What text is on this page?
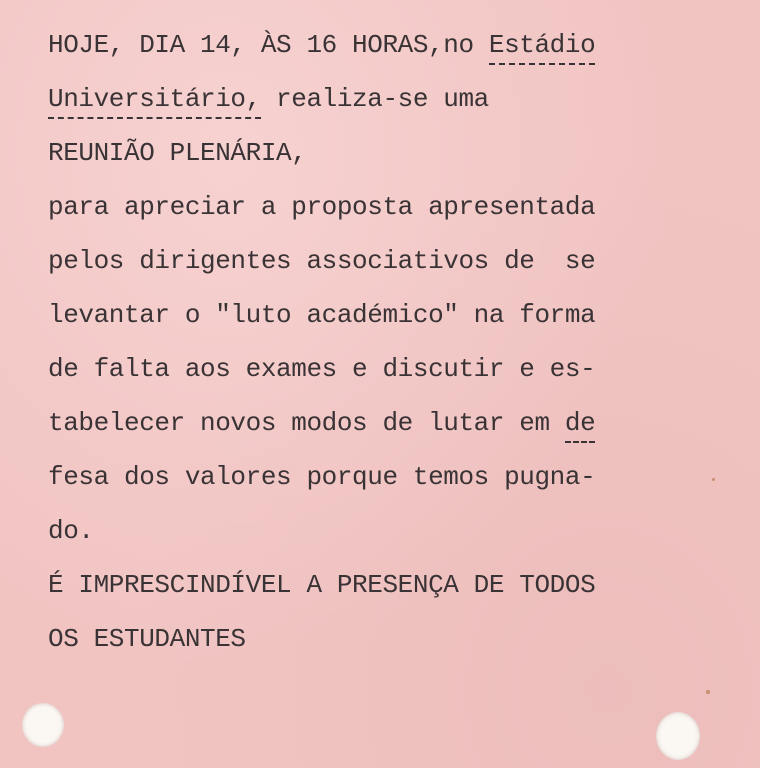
HOJE, DIA 14, ÀS 16 HORAS,no Estádio
Universitário, realiza-se uma
REUNIÃO PLENÁRIA,
para apreciar a proposta apresentada
pelos dirigentes associativos de  se
levantar o "luto académico" na forma
de falta aos exames e discutir e es-
tabelecer novos modos de lutar em de
fesa dos valores porque temos pugna-
do.
É IMPRESCINDÍVEL A PRESENÇA DE TODOS
OS ESTUDANTES
